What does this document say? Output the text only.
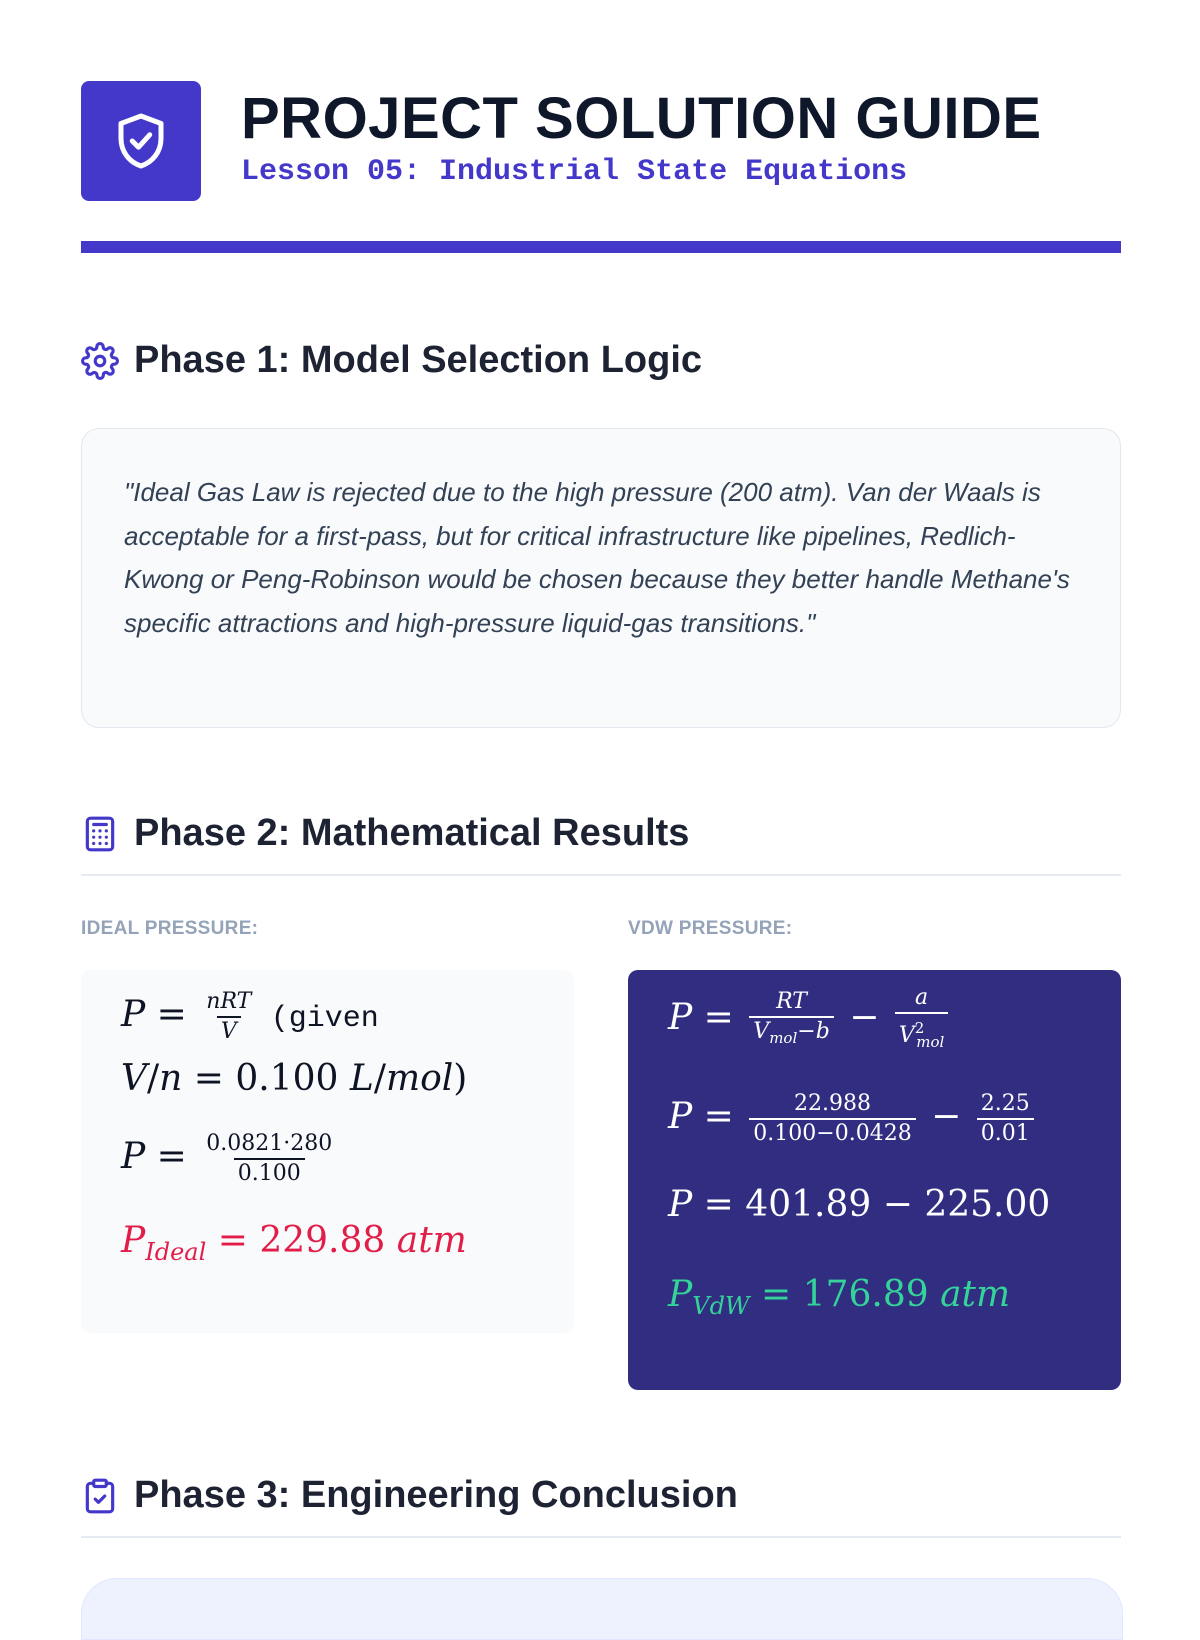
PROJECT SOLUTION GUIDE
Lesson 05: Industrial State Equations
Phase 1: Model Selection Logic

"Ideal Gas Law is rejected due to the high pressure (200 atm). Van der Waals is acceptable for a first-pass, but for critical infrastructure like pipelines, Redlich-Kwong or Peng-Robinson would be chosen because they better handle Methane's specific attractions and high-pressure liquid-gas transitions."

Phase 2: Mathematical Results
IDEAL PRESSURE:	VDW PRESSURE:
$P = \frac{\text{nRT}}{V}$ (given
V/n = 0.100 L/mol)
$P = \frac{0.0821\cdot 280}{0.100}$
$P_{Ideal} = 229.88$ atm
$P = \frac{RT}{V_{mol}-b} - \frac{a}{V^2_{mol}}$
$P = \frac{22.988}{0.100-0.0428} - \frac{2.25}{0.01}$
P = 401.89 − 225.00
$P_{VdW} = 176.89$ atm
Phase 3: Engineering Conclusion
